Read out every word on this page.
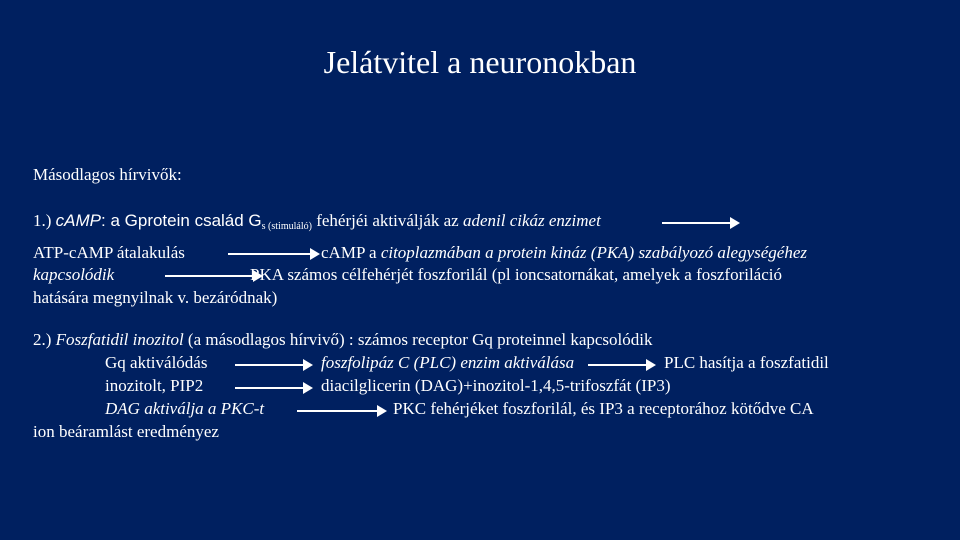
Jelátvitel a neuronokban
Másodlagos hírvivők:
1.) cAMP: a Gprotein család $G_{s (stimuláló)}$ fehérjéi aktiválják az adenil cikáz enzimet
ATP-cAMP átalakulás	cAMP a citoplazmában a protein kináz (PKA) szabályozó alegységéhez
kapcsolódik	PKA számos célfehérjét foszforilál (pl ioncsatornákat, amelyek a foszforiláció
hatására megnyilnak v. bezáródnak)
2.) Foszfatidil inozitol (a másodlagos hírvivő) : számos receptor Gq proteinnel kapcsolódik
Gq aktiválódás	foszfolipáz C (PLC) enzim aktiválása	PLC hasítja a foszfatidil
inozitolt, PIP2	diacilglicerin (DAG)+inozitol-1,4,5-trifoszfát (IP3)
DAG aktiválja a PKC-t	PKC fehérjéket foszforilál, és IP3 a receptorához kötődve CA
ion beáramlást eredményez
